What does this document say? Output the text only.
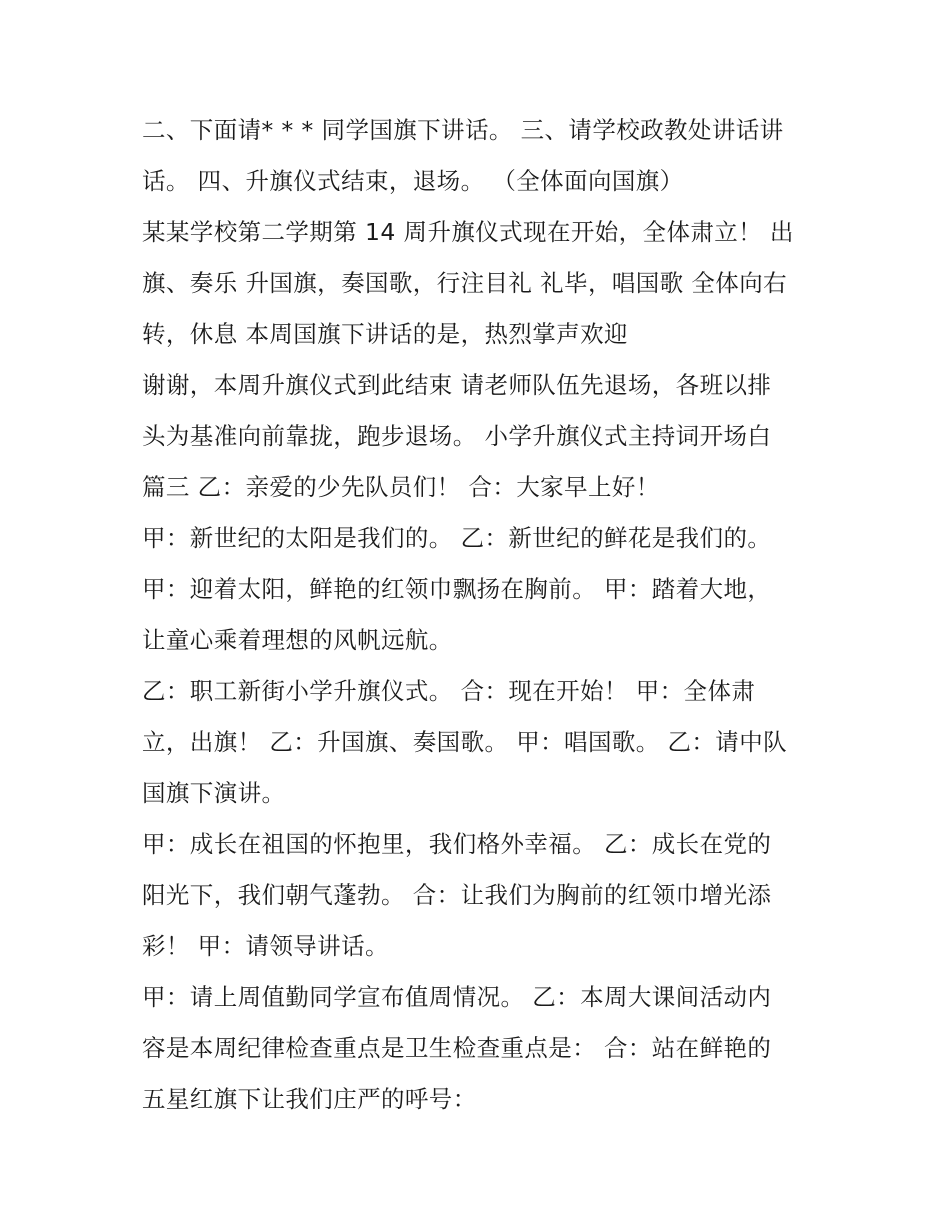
二、下面请* * * 同学国旗下讲话。 三、请学校政教处讲话讲
话。 四、升旗仪式结束，退场。 （全体面向国旗）

某某学校第二学期第 14 周升旗仪式现在开始，全体肃立！ 出
旗、奏乐 升国旗，奏国歌，行注目礼 礼毕，唱国歌 全体向右
转，休息 本周国旗下讲话的是，热烈掌声欢迎

谢谢，本周升旗仪式到此结束 请老师队伍先退场，各班以排
头为基准向前靠拢，跑步退场。 小学升旗仪式主持词开场白
篇三 乙：亲爱的少先队员们！ 合：大家早上好！

甲：新世纪的太阳是我们的。 乙：新世纪的鲜花是我们的。

甲：迎着太阳，鲜艳的红领巾飘扬在胸前。 甲：踏着大地，
让童心乘着理想的风帆远航。

乙：职工新街小学升旗仪式。 合：现在开始！ 甲：全体肃
立，出旗！ 乙：升国旗、奏国歌。 甲：唱国歌。 乙：请中队
国旗下演讲。

甲：成长在祖国的怀抱里，我们格外幸福。 乙：成长在党的
阳光下，我们朝气蓬勃。 合：让我们为胸前的红领巾增光添
彩！ 甲：请领导讲话。

甲：请上周值勤同学宣布值周情况。 乙：本周大课间活动内
容是本周纪律检查重点是卫生检查重点是： 合：站在鲜艳的
五星红旗下让我们庄严的呼号：
